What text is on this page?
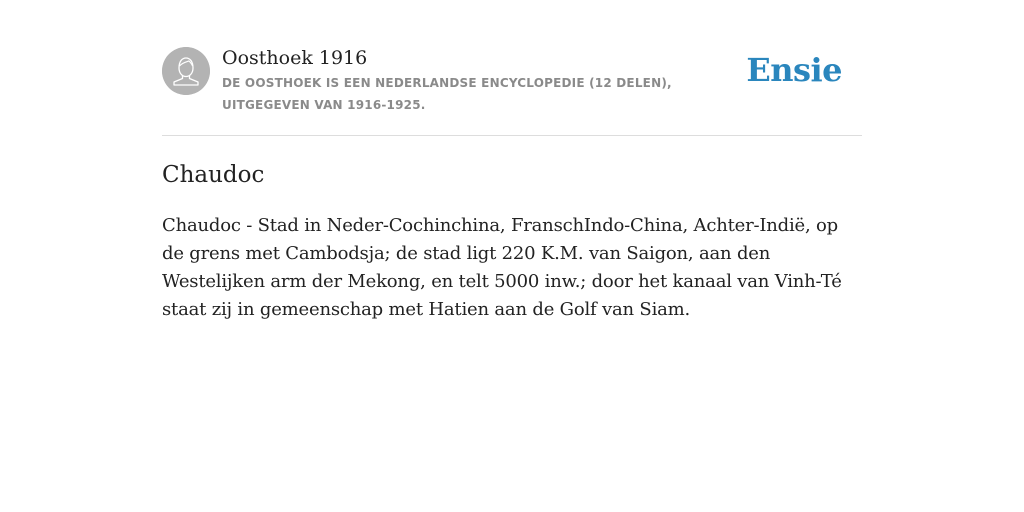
Oosthoek 1916
DE OOSTHOEK IS EEN NEDERLANDSE ENCYCLOPEDIE (12 DELEN), UITGEGEVEN VAN 1916-1925.
Ensie
Chaudoc

Chaudoc - Stad in Neder-Cochinchina, FranschIndo-China, Achter-Indië, op de grens met Cambodsja; de stad ligt 220 K.M. van Saigon, aan den Westelijken arm der Mekong, en telt 5000 inw.; door het kanaal van Vinh-Té staat zij in gemeenschap met Hatien aan de Golf van Siam.
